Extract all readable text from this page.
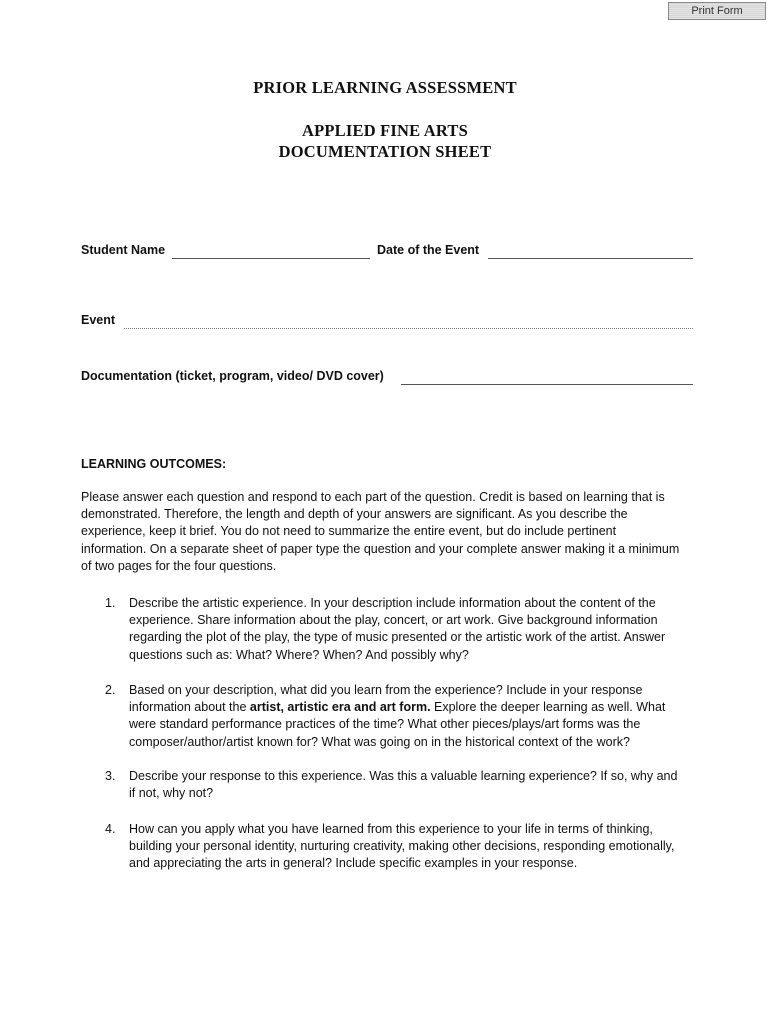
Print Form
PRIOR LEARNING ASSESSMENT
APPLIED FINE ARTS
DOCUMENTATION SHEET
Student Name	Date of the Event
Event
Documentation (ticket, program, video/ DVD cover)
LEARNING OUTCOMES:

Please answer each question and respond to each part of the question. Credit is based on learning that is demonstrated. Therefore, the length and depth of your answers are significant. As you describe the experience, keep it brief. You do not need to summarize the entire event, but do include pertinent information. On a separate sheet of paper type the question and your complete answer making it a minimum of two pages for the four questions.

1.	Describe the artistic experience. In your description include information about the content of the experience. Share information about the play, concert, or art work. Give background information regarding the plot of the play, the type of music presented or the artistic work of the artist. Answer questions such as: What? Where? When? And possibly why?
2.	Based on your description, what did you learn from the experience? Include in your response information about the artist, artistic era and art form. Explore the deeper learning as well. What were standard performance practices of the time? What other pieces/plays/art forms was the composer/author/artist known for? What was going on in the historical context of the work?
3.	Describe your response to this experience. Was this a valuable learning experience? If so, why and if not, why not?
4.	How can you apply what you have learned from this experience to your life in terms of thinking, building your personal identity, nurturing creativity, making other decisions, responding emotionally, and appreciating the arts in general? Include specific examples in your response.
